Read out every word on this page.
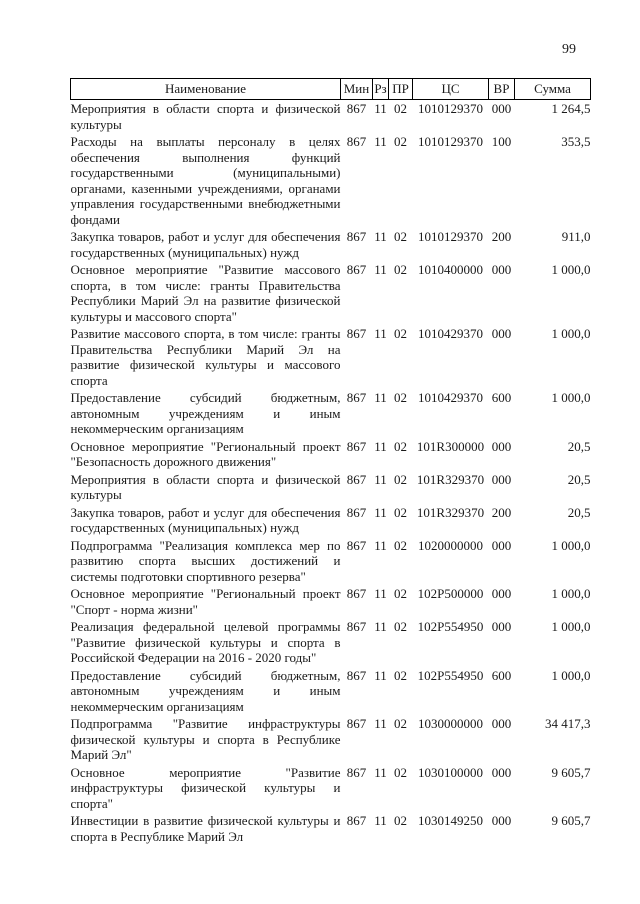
99
Наименование	Мин	Рз	ПР	ЦС	ВР	Сумма
Мероприятия в области спорта и физической культуры	867	11	02	1010129370	000	1 264,5
Расходы на выплаты персоналу в целях обеспечения выполнения функций государственными (муниципальными) органами, казенными учреждениями, органами управления государственными внебюджетными фондами	867	11	02	1010129370	100	353,5
Закупка товаров, работ и услуг для обеспечения государственных (муниципальных) нужд	867	11	02	1010129370	200	911,0
Основное мероприятие "Развитие массового спорта, в том числе: гранты Правительства Республики Марий Эл на развитие физической культуры и массового спорта"	867	11	02	1010400000	000	1 000,0
Развитие массового спорта, в том числе: гранты Правительства Республики Марий Эл на развитие физической культуры и массового спорта	867	11	02	1010429370	000	1 000,0
Предоставление субсидий бюджетным, автономным учреждениям и иным некоммерческим организациям	867	11	02	1010429370	600	1 000,0
Основное мероприятие "Региональный проект "Безопасность дорожного движения"	867	11	02	101R300000	000	20,5
Мероприятия в области спорта и физической культуры	867	11	02	101R329370	000	20,5
Закупка товаров, работ и услуг для обеспечения государственных (муниципальных) нужд	867	11	02	101R329370	200	20,5
Подпрограмма "Реализация комплекса мер по развитию спорта высших достижений и системы подготовки спортивного резерва"	867	11	02	1020000000	000	1 000,0
Основное мероприятие "Региональный проект "Спорт - норма жизни"	867	11	02	102P500000	000	1 000,0
Реализация федеральной целевой программы "Развитие физической культуры и спорта в Российской Федерации на 2016 - 2020 годы"	867	11	02	102P554950	000	1 000,0
Предоставление субсидий бюджетным, автономным учреждениям и иным некоммерческим организациям	867	11	02	102P554950	600	1 000,0
Подпрограмма "Развитие инфраструктуры физической культуры и спорта в Республике Марий Эл"	867	11	02	1030000000	000	34 417,3
Основное мероприятие "Развитие инфраструктуры физической культуры и спорта"	867	11	02	1030100000	000	9 605,7
Инвестиции в развитие физической культуры и спорта в Республике Марий Эл	867	11	02	1030149250	000	9 605,7
